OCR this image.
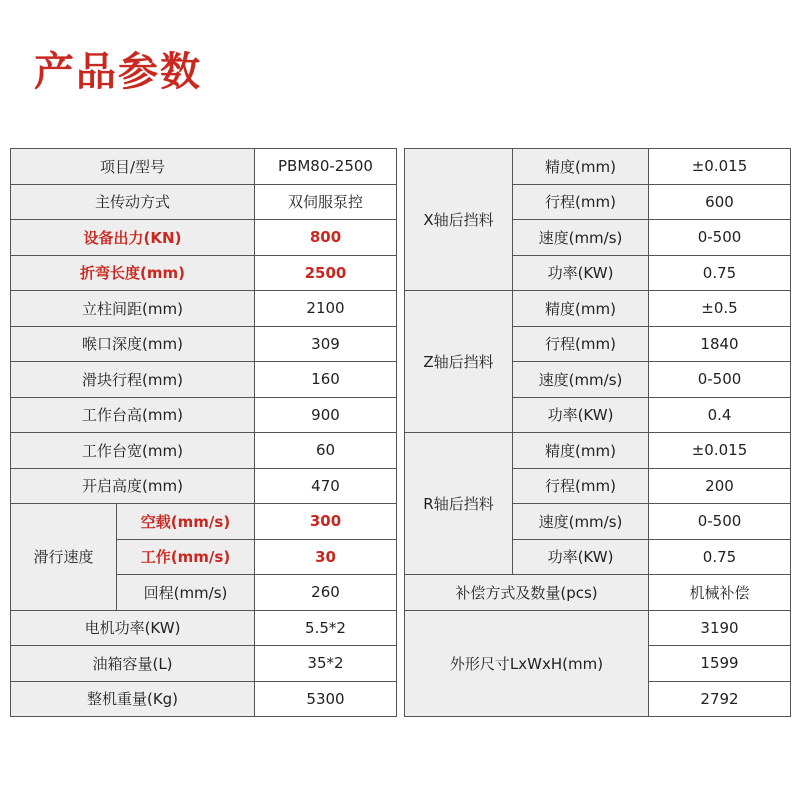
产品参数
项目/型号		PBM80-2500
主传动方式		双伺服泵控
设备出力(KN)		800
折弯长度(mm)		2500
立柱间距(mm)		2100
喉口深度(mm)		309
滑块行程(mm)		160
工作台高(mm)		900
工作台宽(mm)		60
开启高度(mm)		470
滑行速度	空载(mm/s)	300
	工作(mm/s)	30
	回程(mm/s)	260
电机功率(KW)		5.5*2
油箱容量(L)		35*2
整机重量(Kg)		5300
X轴后挡料	精度(mm)	±0.015
	行程(mm)	600
	速度(mm/s)	0-500
	功率(KW)	0.75
Z轴后挡料	精度(mm)	±0.5
	行程(mm)	1840
	速度(mm/s)	0-500
	功率(KW)	0.4
R轴后挡料	精度(mm)	±0.015
	行程(mm)	200
	速度(mm/s)	0-500
	功率(KW)	0.75
补偿方式及数量(pcs)		机械补偿
外形尺寸LxWxH(mm)		3190
		1599
		2792
